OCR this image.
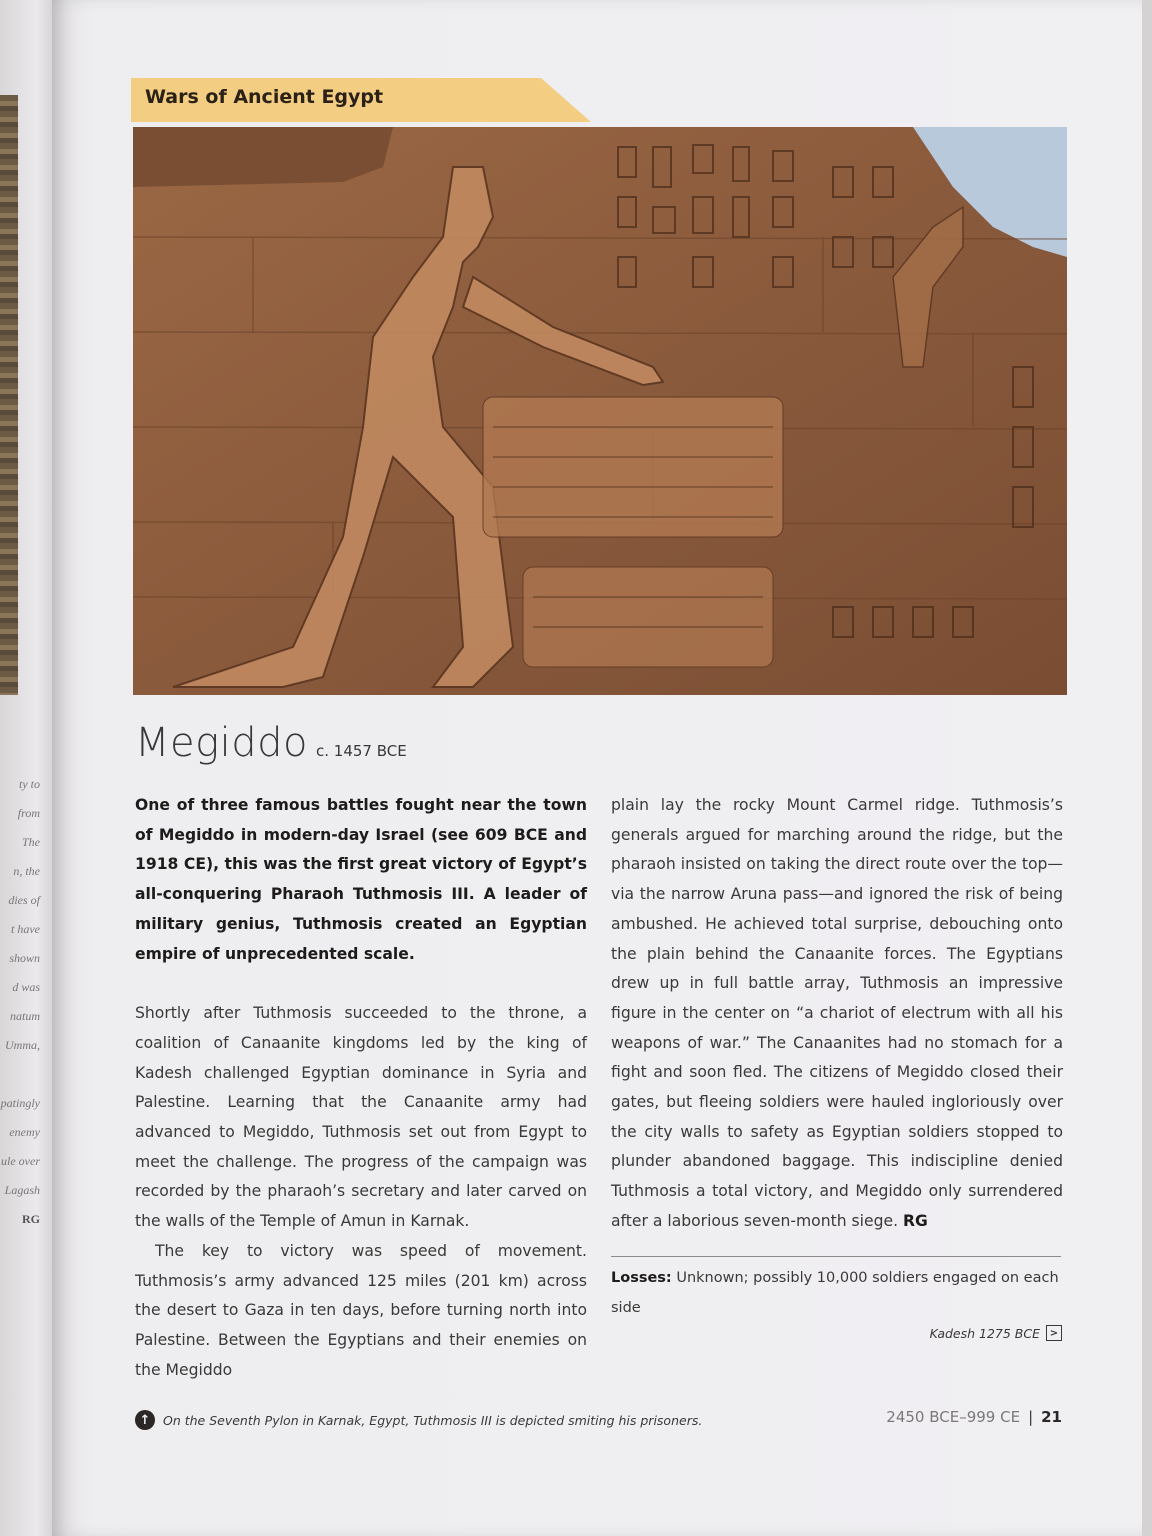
ty to
from
The
n, the
dies of
t have
shown
d was
natum
Umma,

patingly
enemy
ule over
Lagash
RG
Wars of Ancient Egypt
Megiddo c. 1457 BCE

One of three famous battles fought near the town of Megiddo in modern-day Israel (see 609 BCE and 1918 CE), this was the first great victory of Egypt’s all-conquering Pharaoh Tuthmosis III. A leader of military genius, Tuthmosis created an Egyptian empire of unprecedented scale.

Shortly after Tuthmosis succeeded to the throne, a coalition of Canaanite kingdoms led by the king of Kadesh challenged Egyptian dominance in Syria and Palestine. Learning that the Canaanite army had advanced to Megiddo, Tuthmosis set out from Egypt to meet the challenge. The progress of the campaign was recorded by the pharaoh’s secretary and later carved on the walls of the Temple of Amun in Karnak.

The key to victory was speed of movement. Tuthmosis’s army advanced 125 miles (201 km) across the desert to Gaza in ten days, before turning north into Palestine. Between the Egyptians and their enemies on the Megiddo

plain lay the rocky Mount Carmel ridge. Tuthmosis’s generals argued for marching around the ridge, but the pharaoh insisted on taking the direct route over the top—via the narrow Aruna pass—and ignored the risk of being ambushed. He achieved total surprise, debouching onto the plain behind the Canaanite forces. The Egyptians drew up in full battle array, Tuthmosis an impressive figure in the center on “a chariot of electrum with all his weapons of war.” The Canaanites had no stomach for a fight and soon fled. The citizens of Megiddo closed their gates, but fleeing soldiers were hauled ingloriously over the city walls to safety as Egyptian soldiers stopped to plunder abandoned baggage. This indiscipline denied Tuthmosis a total victory, and Megiddo only surrendered after a laborious seven-month siege. RG

Losses: Unknown; possibly 10,000 soldiers engaged on each side
Kadesh 1275 BCE >
↑	On the Seventh Pylon in Karnak, Egypt, Tuthmosis III is depicted smiting his prisoners.	2450 BCE–999 CE | 21
